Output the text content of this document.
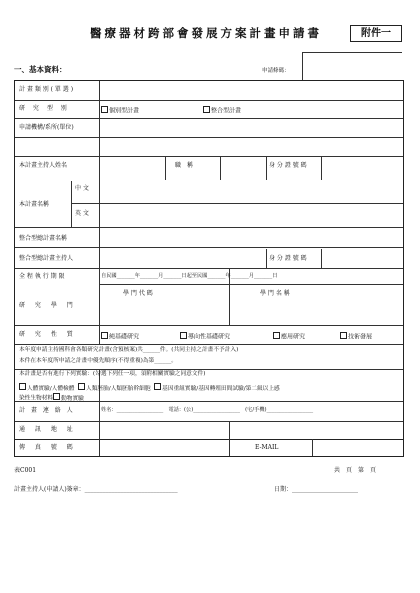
醫療器材跨部會發展方案計畫申請書	附件一
一、基本資料：	申請條碼：
計 畫 類 別 ( 單 選 )
研 究 型 別	個別型計畫	整合型計畫
申請機構/系所(單位)
本計畫主持人姓名	職　稱	身 分 證 號 碼
本計畫名稱
中 文
英 文
整合型總計畫名稱
整合型總計畫主持人	身 分 證 號 碼
全 程 執 行 期 限	自民國_______年_______月_______日起至民國_______年_______月_______日
研 究 學 門
學 門 代 碼	學 門 名 稱
研 究 性 質	純基礎研究	導向性基礎研究	應用研究	技術發展
本年度申請主持國科會各類研究計畫(含預核案)共______件。(共同主持之計畫不予計入)
本件在本年度所申請之計畫中優先順序(不得重複)為第______。
本計畫是否有進行下列實驗：(勾選下列任一項，須附相關實驗之同意文件)
人體實驗/人體檢體 人類胚胎/人類胚胎幹細胞 基因重組實驗/基因轉殖田間試驗/第二級以上感
染性生物材料 動物實驗
計 畫 連 絡 人	姓名：__________________　電話：(公)__________________　(宅/手機)__________________
通 訊 地 址
傳 真 號 碼	E-MAIL
表C001	共　頁　第　頁
計畫主持人(申請人)簽章：_______________________________	日期：______________________
